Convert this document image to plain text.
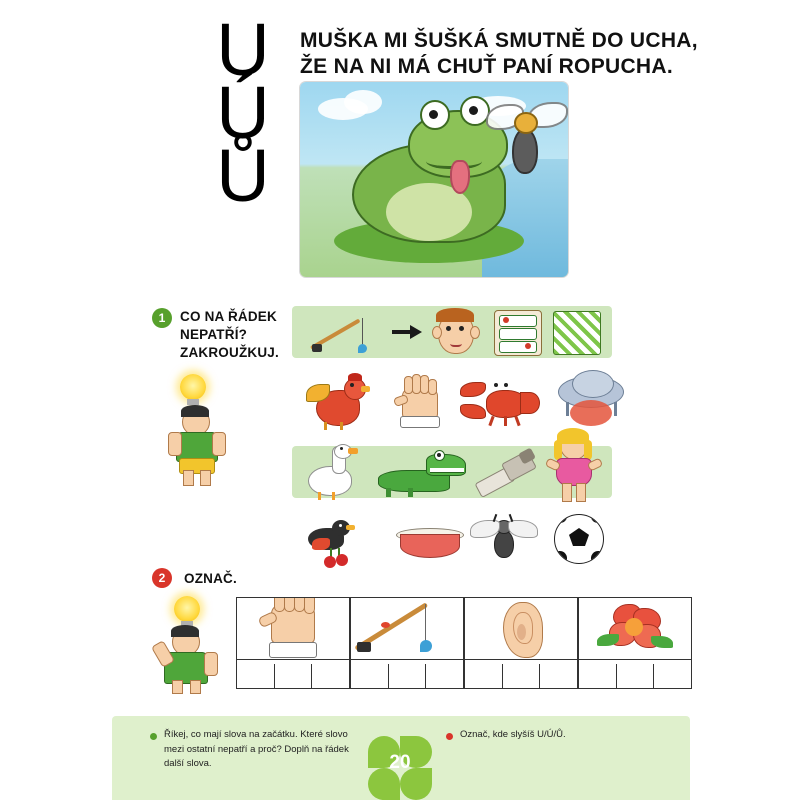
U
Ú
Ů
MUŠKA MI ŠUŠKÁ SMUTNĚ DO UCHA,
ŽE NA NI MÁ CHUŤ PANÍ ROPUCHA.
1	CO NA ŘÁDEK
NEPATŘÍ?
ZAKROUŽKUJ.
2	OZNAČ.
Říkej, co mají slova na začátku. Které slovo
mezi ostatní nepatří a proč? Doplň na řádek
další slova.
Označ, kde slyšíš U/Ú/Ů.
20
